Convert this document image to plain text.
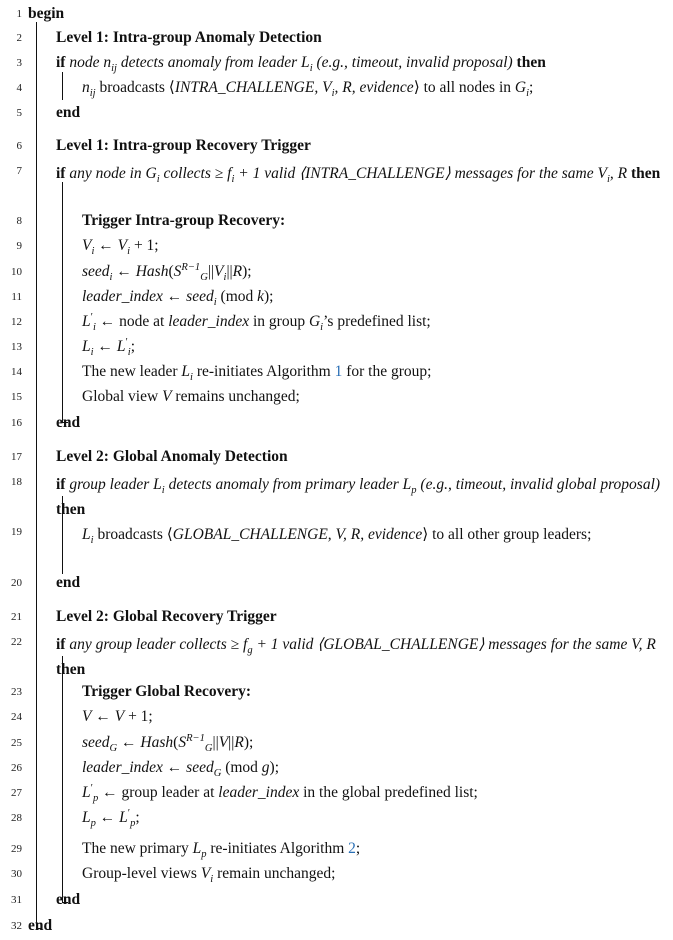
1 begin
2 Level 1: Intra-group Anomaly Detection
3 if node $n_{ij}$ detects anomaly from leader $L_i$ (e.g., timeout, invalid proposal) then
4	$n_{ij}$ broadcasts ⟨INTRA_CHALLENGE, $V_i$, R, evidence⟩ to all nodes in $G_i$;
5 end
6 Level 1: Intra-group Recovery Trigger
7 if any node in $G_i$ collects ≥ $f_i + 1$ valid ⟨INTRA_CHALLENGE⟩ messages for the same $V_i$, R then
8	Trigger Intra-group Recovery:
9	$V_i$ ← $V_i + 1$;
10	seed$_i$ ← $Hash(S^{R-1}_G||V_i||R)$;
11	leader_index ← seed$_i$ (mod k);
12	$L'_i$ ← node at leader_index in group $G_i’s$ predefined list;
13	$L_i$ ← $L'_i$;
14	The new leader $L_i$ re-initiates Algorithm 1 for the group;
15	Global view V remains unchanged;
16 end
17 Level 2: Global Anomaly Detection
18 if group leader $L_i$ detects anomaly from primary leader $L_p$ (e.g., timeout, invalid global proposal) then
19	$L_i$ broadcasts ⟨GLOBAL_CHALLENGE, V, R, evidence⟩ to all other group leaders;
20 end
21 Level 2: Global Recovery Trigger
22 if any group leader collects ≥ $f_g + 1$ valid ⟨GLOBAL_CHALLENGE⟩ messages for the same V, R then
23	Trigger Global Recovery:
24	V ← V + 1;
25	seed$_G$ ← $Hash(S^{R-1}_G||V||R)$;
26	leader_index ← seed$_G$ (mod g);
27	$L'_p$ ← group leader at leader_index in the global predefined list;
28	$L_p$ ← $L'_p$;
29	The new primary $L_p$ re-initiates Algorithm 2;
30	Group-level views $V_i$ remain unchanged;
31 end
32 end
